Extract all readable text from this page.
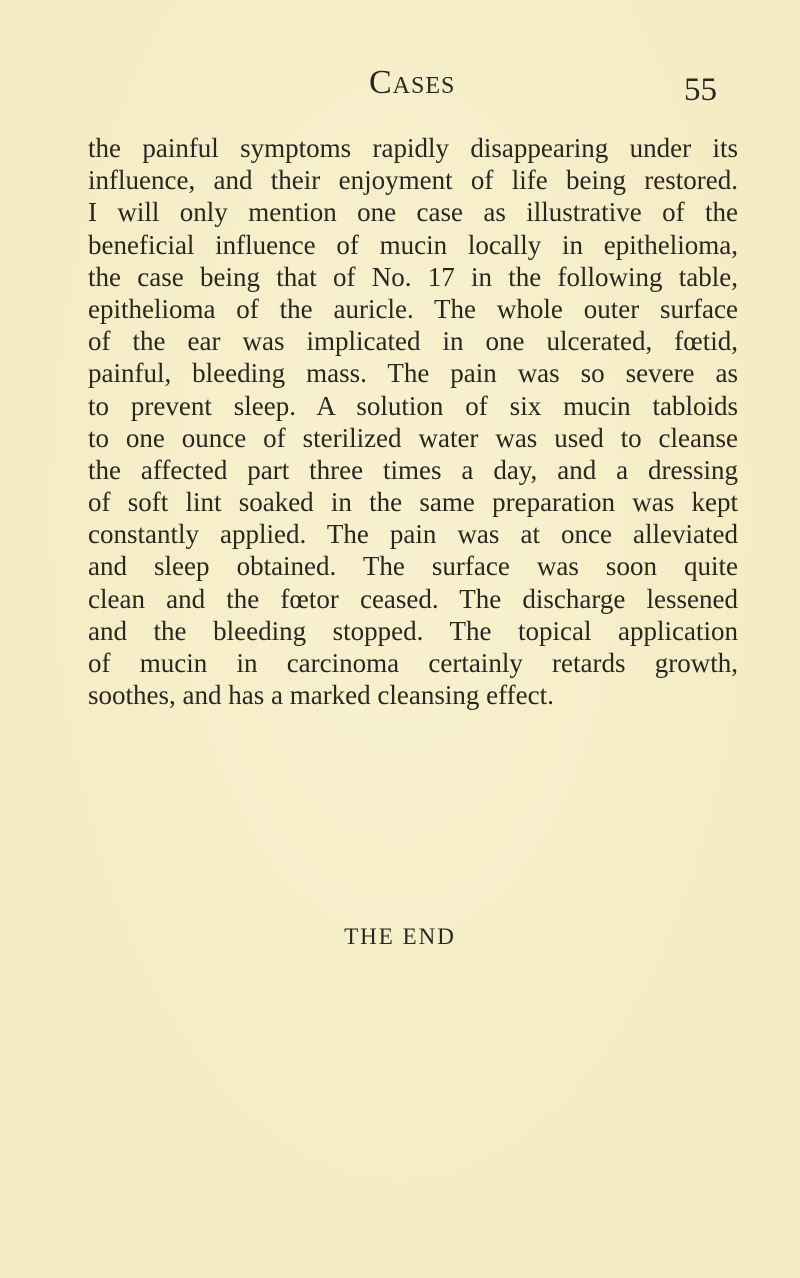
Cases	55
the painful symptoms rapidly disappearing under its
influence, and their enjoyment of life being restored.
I will only mention one case as illustrative of the
beneficial influence of mucin locally in epithelioma,
the case being that of No. 17 in the following table,
epithelioma of the auricle. The whole outer surface
of the ear was implicated in one ulcerated, fœtid,
painful, bleeding mass. The pain was so severe as
to prevent sleep. A solution of six mucin tabloids
to one ounce of sterilized water was used to cleanse
the affected part three times a day, and a dressing
of soft lint soaked in the same preparation was kept
constantly applied. The pain was at once alleviated
and sleep obtained. The surface was soon quite
clean and the fœtor ceased. The discharge lessened
and the bleeding stopped. The topical application
of mucin in carcinoma certainly retards growth,
soothes, and has a marked cleansing effect.
THE END
